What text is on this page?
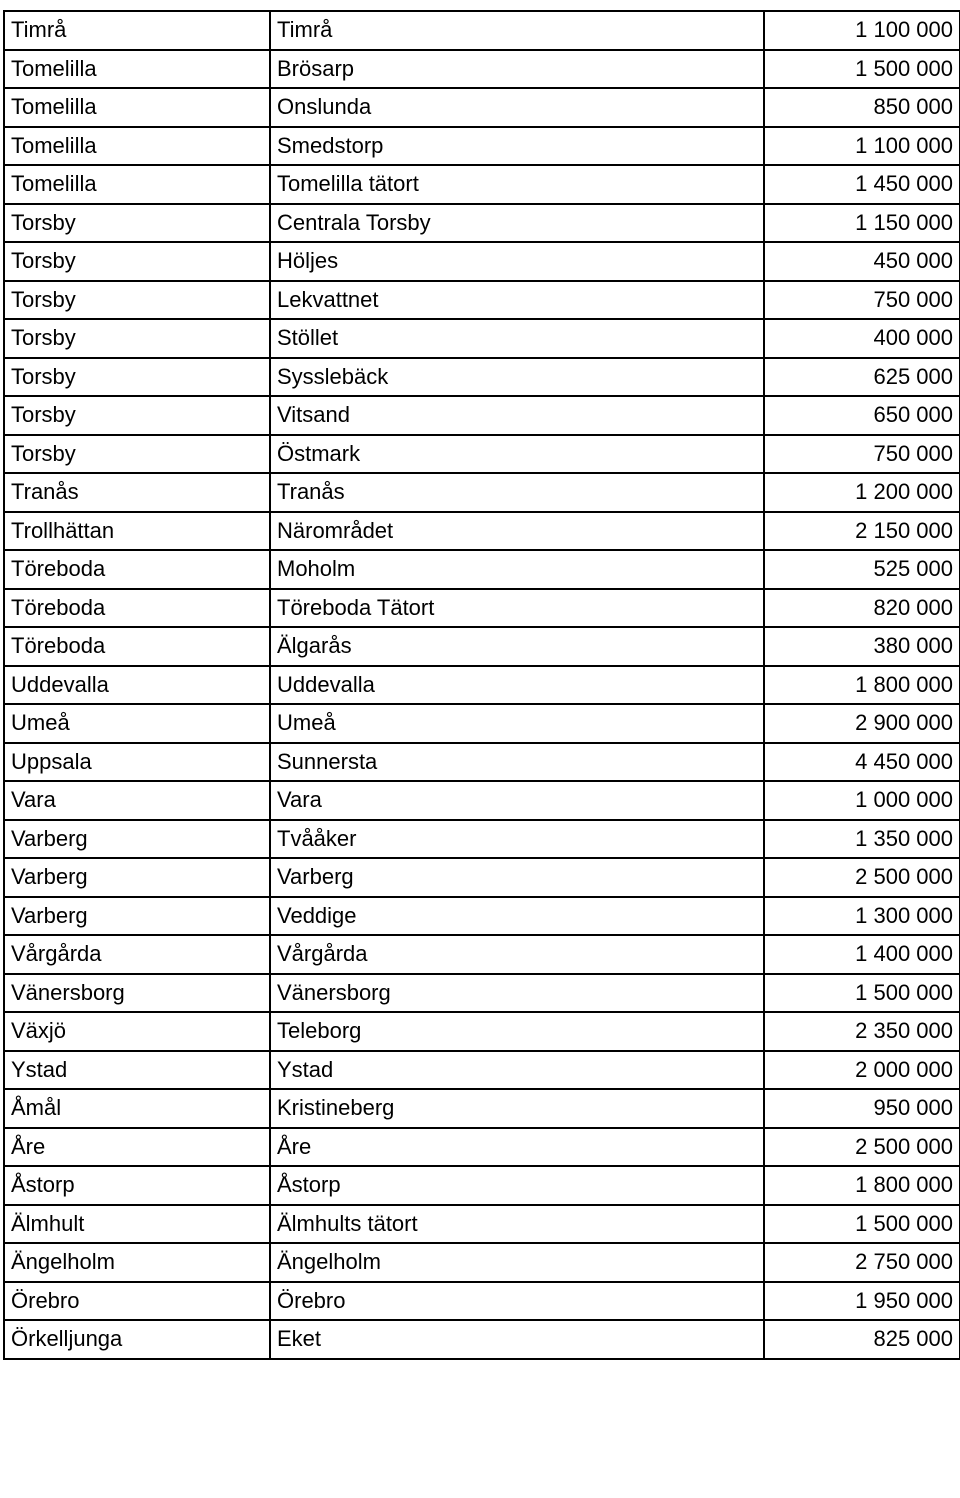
Timrå	Timrå	1 100 000
Tomelilla	Brösarp	1 500 000
Tomelilla	Onslunda	850 000
Tomelilla	Smedstorp	1 100 000
Tomelilla	Tomelilla tätort	1 450 000
Torsby	Centrala Torsby	1 150 000
Torsby	Höljes	450 000
Torsby	Lekvattnet	750 000
Torsby	Stöllet	400 000
Torsby	Sysslebäck	625 000
Torsby	Vitsand	650 000
Torsby	Östmark	750 000
Tranås	Tranås	1 200 000
Trollhättan	Närområdet	2 150 000
Töreboda	Moholm	525 000
Töreboda	Töreboda Tätort	820 000
Töreboda	Älgarås	380 000
Uddevalla	Uddevalla	1 800 000
Umeå	Umeå	2 900 000
Uppsala	Sunnersta	4 450 000
Vara	Vara	1 000 000
Varberg	Tvååker	1 350 000
Varberg	Varberg	2 500 000
Varberg	Veddige	1 300 000
Vårgårda	Vårgårda	1 400 000
Vänersborg	Vänersborg	1 500 000
Växjö	Teleborg	2 350 000
Ystad	Ystad	2 000 000
Åmål	Kristineberg	950 000
Åre	Åre	2 500 000
Åstorp	Åstorp	1 800 000
Älmhult	Älmhults tätort	1 500 000
Ängelholm	Ängelholm	2 750 000
Örebro	Örebro	1 950 000
Örkelljunga	Eket	825 000
